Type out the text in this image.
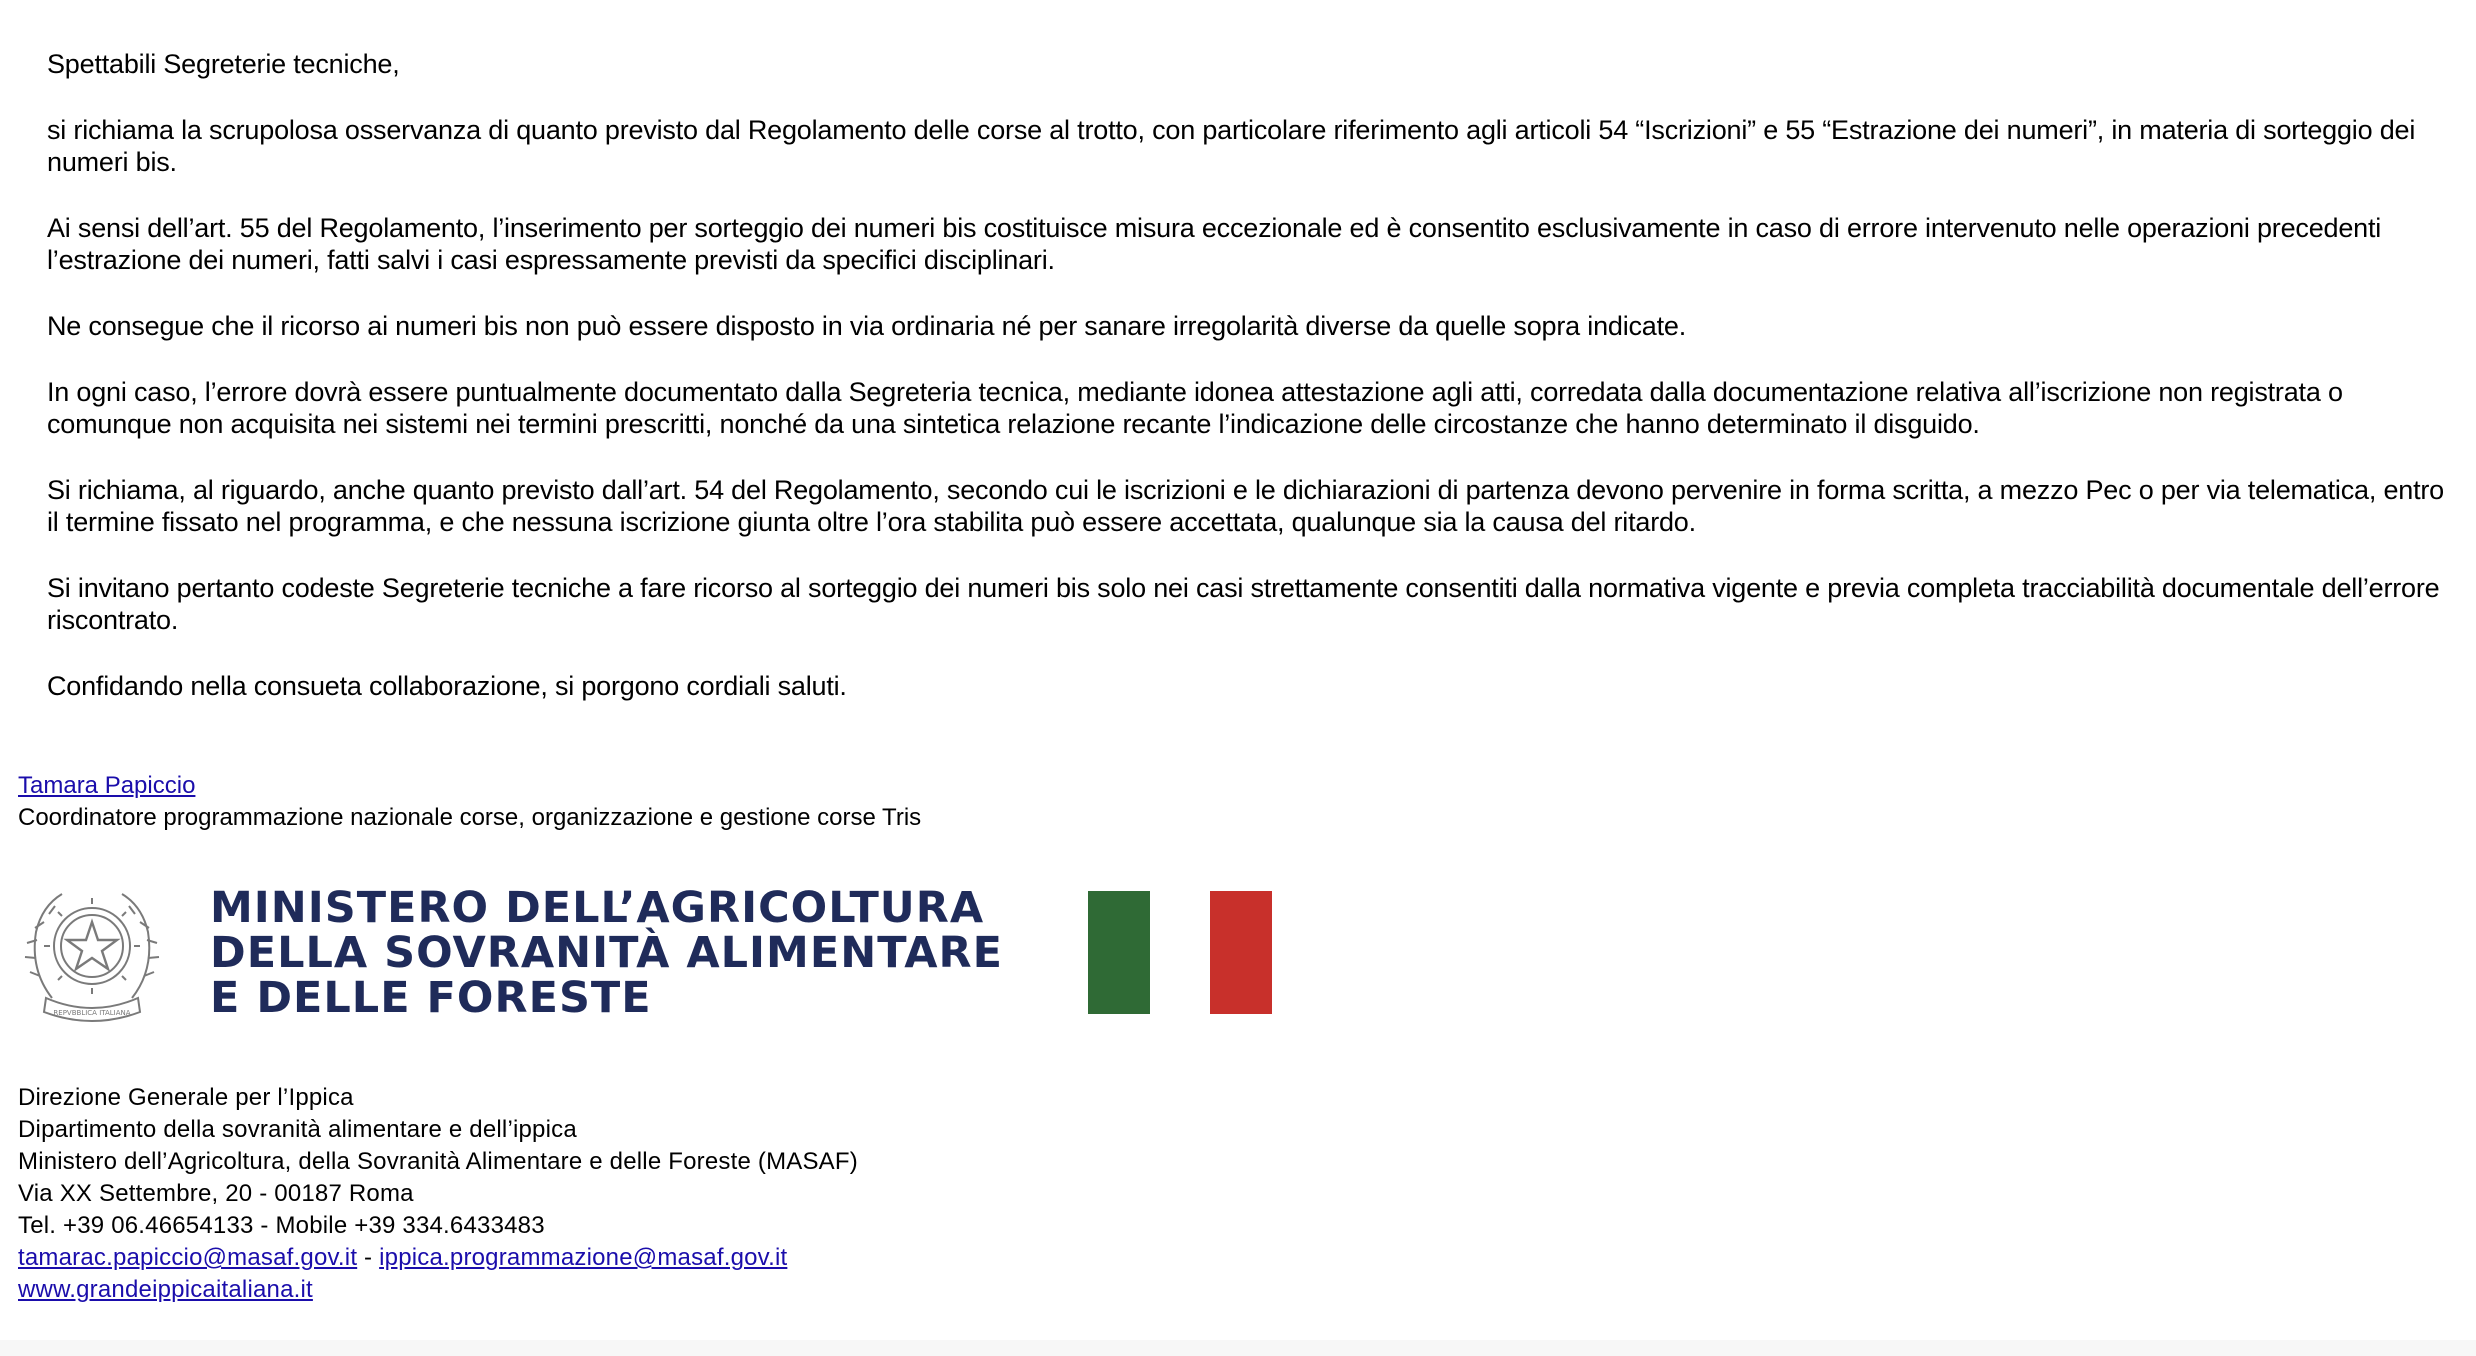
Spettabili Segreterie tecniche,

si richiama la scrupolosa osservanza di quanto previsto dal Regolamento delle corse al trotto, con particolare riferimento agli articoli 54 “Iscrizioni” e 55 “Estrazione dei numeri”, in materia di sorteggio dei numeri bis.

Ai sensi dell’art. 55 del Regolamento, l’inserimento per sorteggio dei numeri bis costituisce misura eccezionale ed è consentito esclusivamente in caso di errore intervenuto nelle operazioni precedenti l’estrazione dei numeri, fatti salvi i casi espressamente previsti da specifici disciplinari.

Ne consegue che il ricorso ai numeri bis non può essere disposto in via ordinaria né per sanare irregolarità diverse da quelle sopra indicate.

In ogni caso, l’errore dovrà essere puntualmente documentato dalla Segreteria tecnica, mediante idonea attestazione agli atti, corredata dalla documentazione relativa all’iscrizione non registrata o comunque non acquisita nei sistemi nei termini prescritti, nonché da una sintetica relazione recante l’indicazione delle circostanze che hanno determinato il disguido.

Si richiama, al riguardo, anche quanto previsto dall’art. 54 del Regolamento, secondo cui le iscrizioni e le dichiarazioni di partenza devono pervenire in forma scritta, a mezzo Pec o per via telematica, entro il termine fissato nel programma, e che nessuna iscrizione giunta oltre l’ora stabilita può essere accettata, qualunque sia la causa del ritardo.

Si invitano pertanto codeste Segreterie tecniche a fare ricorso al sorteggio dei numeri bis solo nei casi strettamente consentiti dalla normativa vigente e previa completa tracciabilità documentale dell’errore riscontrato.

Confidando nella consueta collaborazione, si porgono cordiali saluti.

Tamara Papiccio

Coordinatore programmazione nazionale corse, organizzazione e gestione corse Tris

REPVBBLICA ITALIANA
MINISTERO DELL’AGRICOLTURA
DELLA SOVRANITÀ ALIMENTARE
E DELLE FORESTE

Direzione Generale per l’Ippica

Dipartimento della sovranità alimentare e dell’ippica

Ministero dell’Agricoltura, della Sovranità Alimentare e delle Foreste (MASAF)

Via XX Settembre, 20 - 00187 Roma

Tel. +39 06.46654133 - Mobile +39 334.6433483

tamarac.papiccio@masaf.gov.it - ippica.programmazione@masaf.gov.it

www.grandeippicaitaliana.it
